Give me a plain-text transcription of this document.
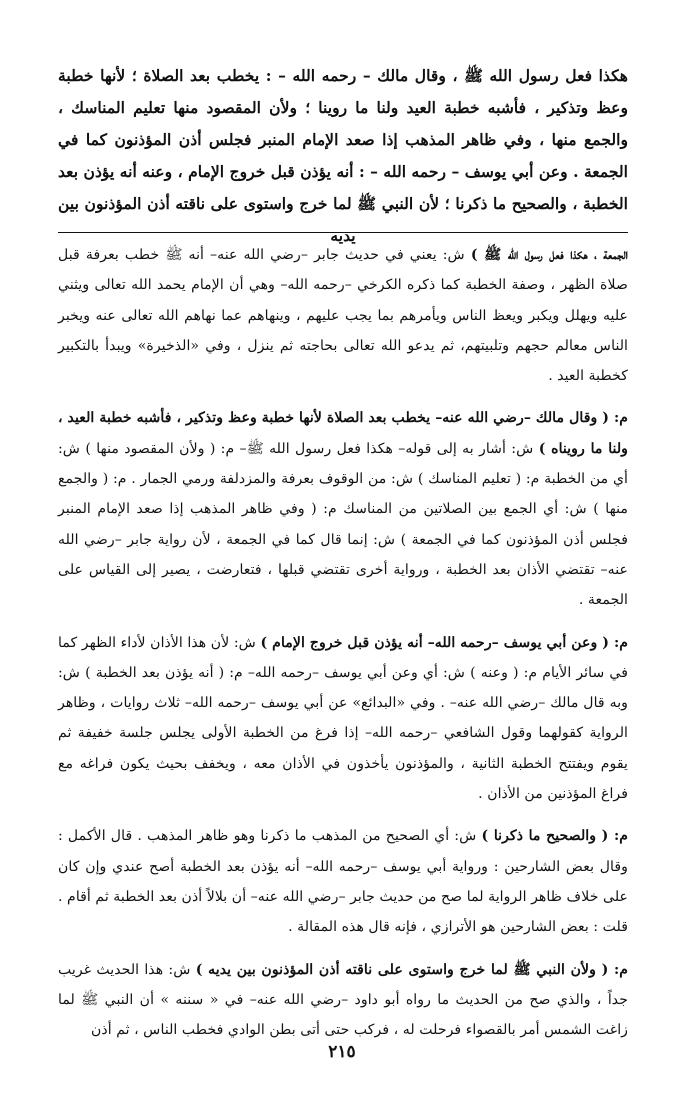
هكذا فعل رسول الله ﷺ ، وقال مالك – رحمه الله – : يخطب بعد الصلاة ؛ لأنها خطبة وعظ وتذكير ، فأشبه خطبة العيد ولنا ما روينا ؛ ولأن المقصود منها تعليم المناسك ، والجمع منها ، وفي ظاهر المذهب إذا صعد الإمام المنبر فجلس أذن المؤذنون كما في الجمعة . وعن أبي يوسف – رحمه الله – : أنه يؤذن قبل خروج الإمام ، وعنه أنه يؤذن بعد الخطبة ، والصحيح ما ذكرنا ؛ لأن النبي ﷺ لما خرج واستوى على ناقته أذن المؤذنون بين يديه

الجمعة ، هكذا فعل رسول الله ﷺ ) ش: يعني في حديث جابر –رضي الله عنه– أنه ﷺ خطب بعرفة قبل صلاة الظهر ، وصفة الخطبة كما ذكره الكرخي –رحمه الله– وهي أن الإمام يحمد الله تعالى ويثني عليه ويهلل ويكبر ويعظ الناس ويأمرهم بما يجب عليهم ، وينهاهم عما نهاهم الله تعالى عنه ويخبر الناس معالم حجهم وتلبيتهم، ثم يدعو الله تعالى بحاجته ثم ينزل ، وفي «الذخيرة» ويبدأ بالتكبير كخطبة العيد .

م: ( وقال مالك –رضي الله عنه– يخطب بعد الصلاة لأنها خطبة وعظ وتذكير ، فأشبه خطبة العيد ، ولنا ما رويناه ) ش: أشار به إلى قوله– هكذا فعل رسول الله ﷺ– م: ( ولأن المقصود منها ) ش: أي من الخطبة م: ( تعليم المناسك ) ش: من الوقوف بعرفة والمزدلفة ورمي الجمار . م: ( والجمع منها ) ش: أي الجمع بين الصلاتين من المناسك م: ( وفي ظاهر المذهب إذا صعد الإمام المنبر فجلس أذن المؤذنون كما في الجمعة ) ش: إنما قال كما في الجمعة ، لأن رواية جابر –رضي الله عنه– تقتضي الأذان بعد الخطبة ، ورواية أخرى تقتضي قبلها ، فتعارضت ، يصير إلى القياس على الجمعة .

م: ( وعن أبي يوسف –رحمه الله– أنه يؤذن قبل خروج الإمام ) ش: لأن هذا الأذان لأداء الظهر كما في سائر الأيام م: ( وعنه ) ش: أي وعن أبي يوسف –رحمه الله– م: ( أنه يؤذن بعد الخطبة ) ش: وبه قال مالك –رضي الله عنه– . وفي «البدائع» عن أبي يوسف –رحمه الله– ثلاث روايات ، وظاهر الرواية كقولهما وقول الشافعي –رحمه الله– إذا فرغ من الخطبة الأولى يجلس جلسة خفيفة ثم يقوم ويفتتح الخطبة الثانية ، والمؤذنون يأخذون في الأذان معه ، ويخفف بحيث يكون فراغه مع فراغ المؤذنين من الأذان .

م: ( والصحيح ما ذكرنا ) ش: أي الصحيح من المذهب ما ذكرنا وهو ظاهر المذهب . قال الأكمل : وقال بعض الشارحين : ورواية أبي يوسف –رحمه الله– أنه يؤذن بعد الخطبة أصح عندي وإن كان على خلاف ظاهر الرواية لما صح من حديث جابر –رضي الله عنه– أن بلالاً أذن بعد الخطبة ثم أقام . قلت : بعض الشارحين هو الأترازي ، فإنه قال هذه المقالة .

م: ( ولأن النبي ﷺ لما خرج واستوى على ناقته أذن المؤذنون بين يديه ) ش: هذا الحديث غريب جداً ، والذي صح من الحديث ما رواه أبو داود –رضي الله عنه– في « سننه » أن النبي ﷺ لما زاغت الشمس أمر بالقصواء فرحلت له ، فركب حتى أتى بطن الوادي فخطب الناس ، ثم أذن

٢١٥
